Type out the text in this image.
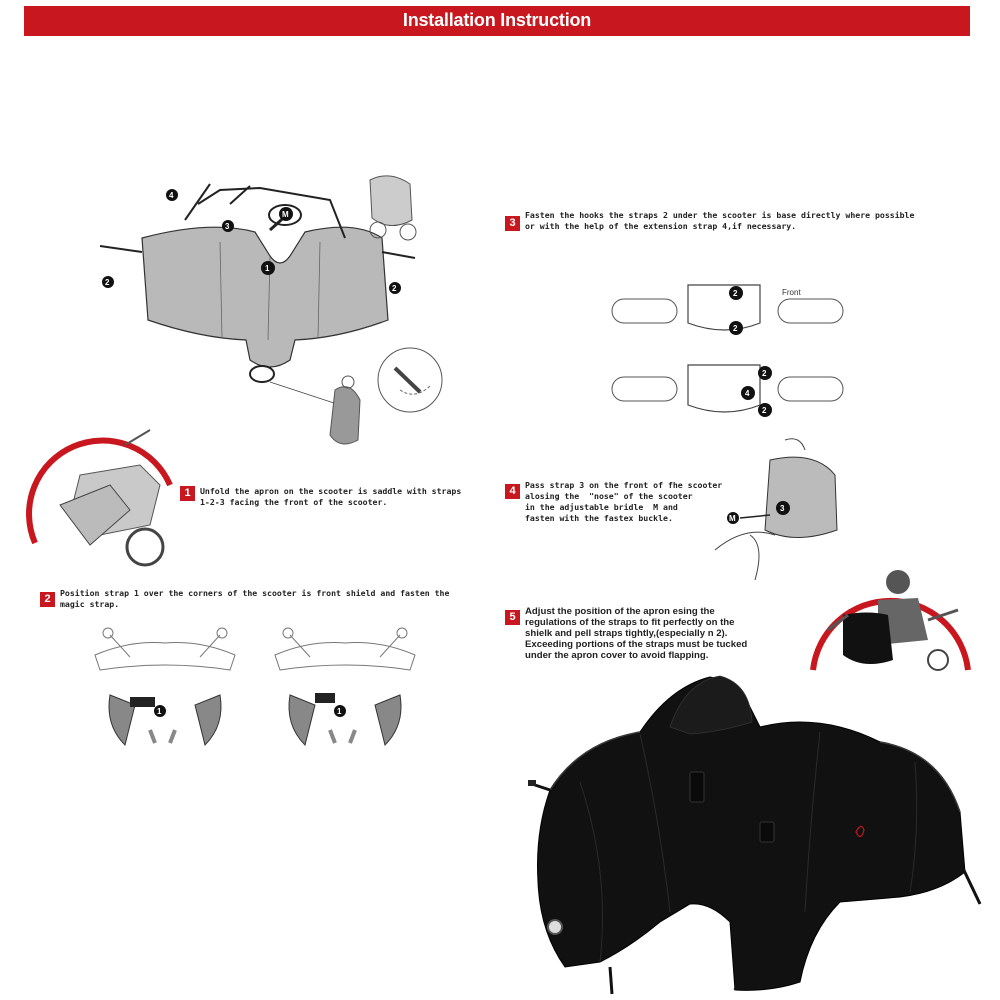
Installation Instruction
4
3
M
1
2
2
1	Unfold the apron on the scooter is saddle with straps
1-2-3 facing the front of the scooter.
2	Position strap 1 over the corners of the scooter is front shield and fasten the
magic strap.
1	1
3
Fasten the hooks the straps 2 under the scooter is base directly where possible
or with the help of the extension strap 4,if necessary.
Front
2
2
2
4
2
4	Pass strap 3 on the front of fhe scooter
alosing the  "nose" of the scooter
in the adjustable bridle  M and
fasten with the fastex buckle.
3
M
5 Adjust the position of the apron esing the
regulations of the straps to fit perfectly on the
shielk and pell straps tightly,(especially n 2).
Exceeding portions of the straps must be tucked
under the apron cover to avoid flapping.
